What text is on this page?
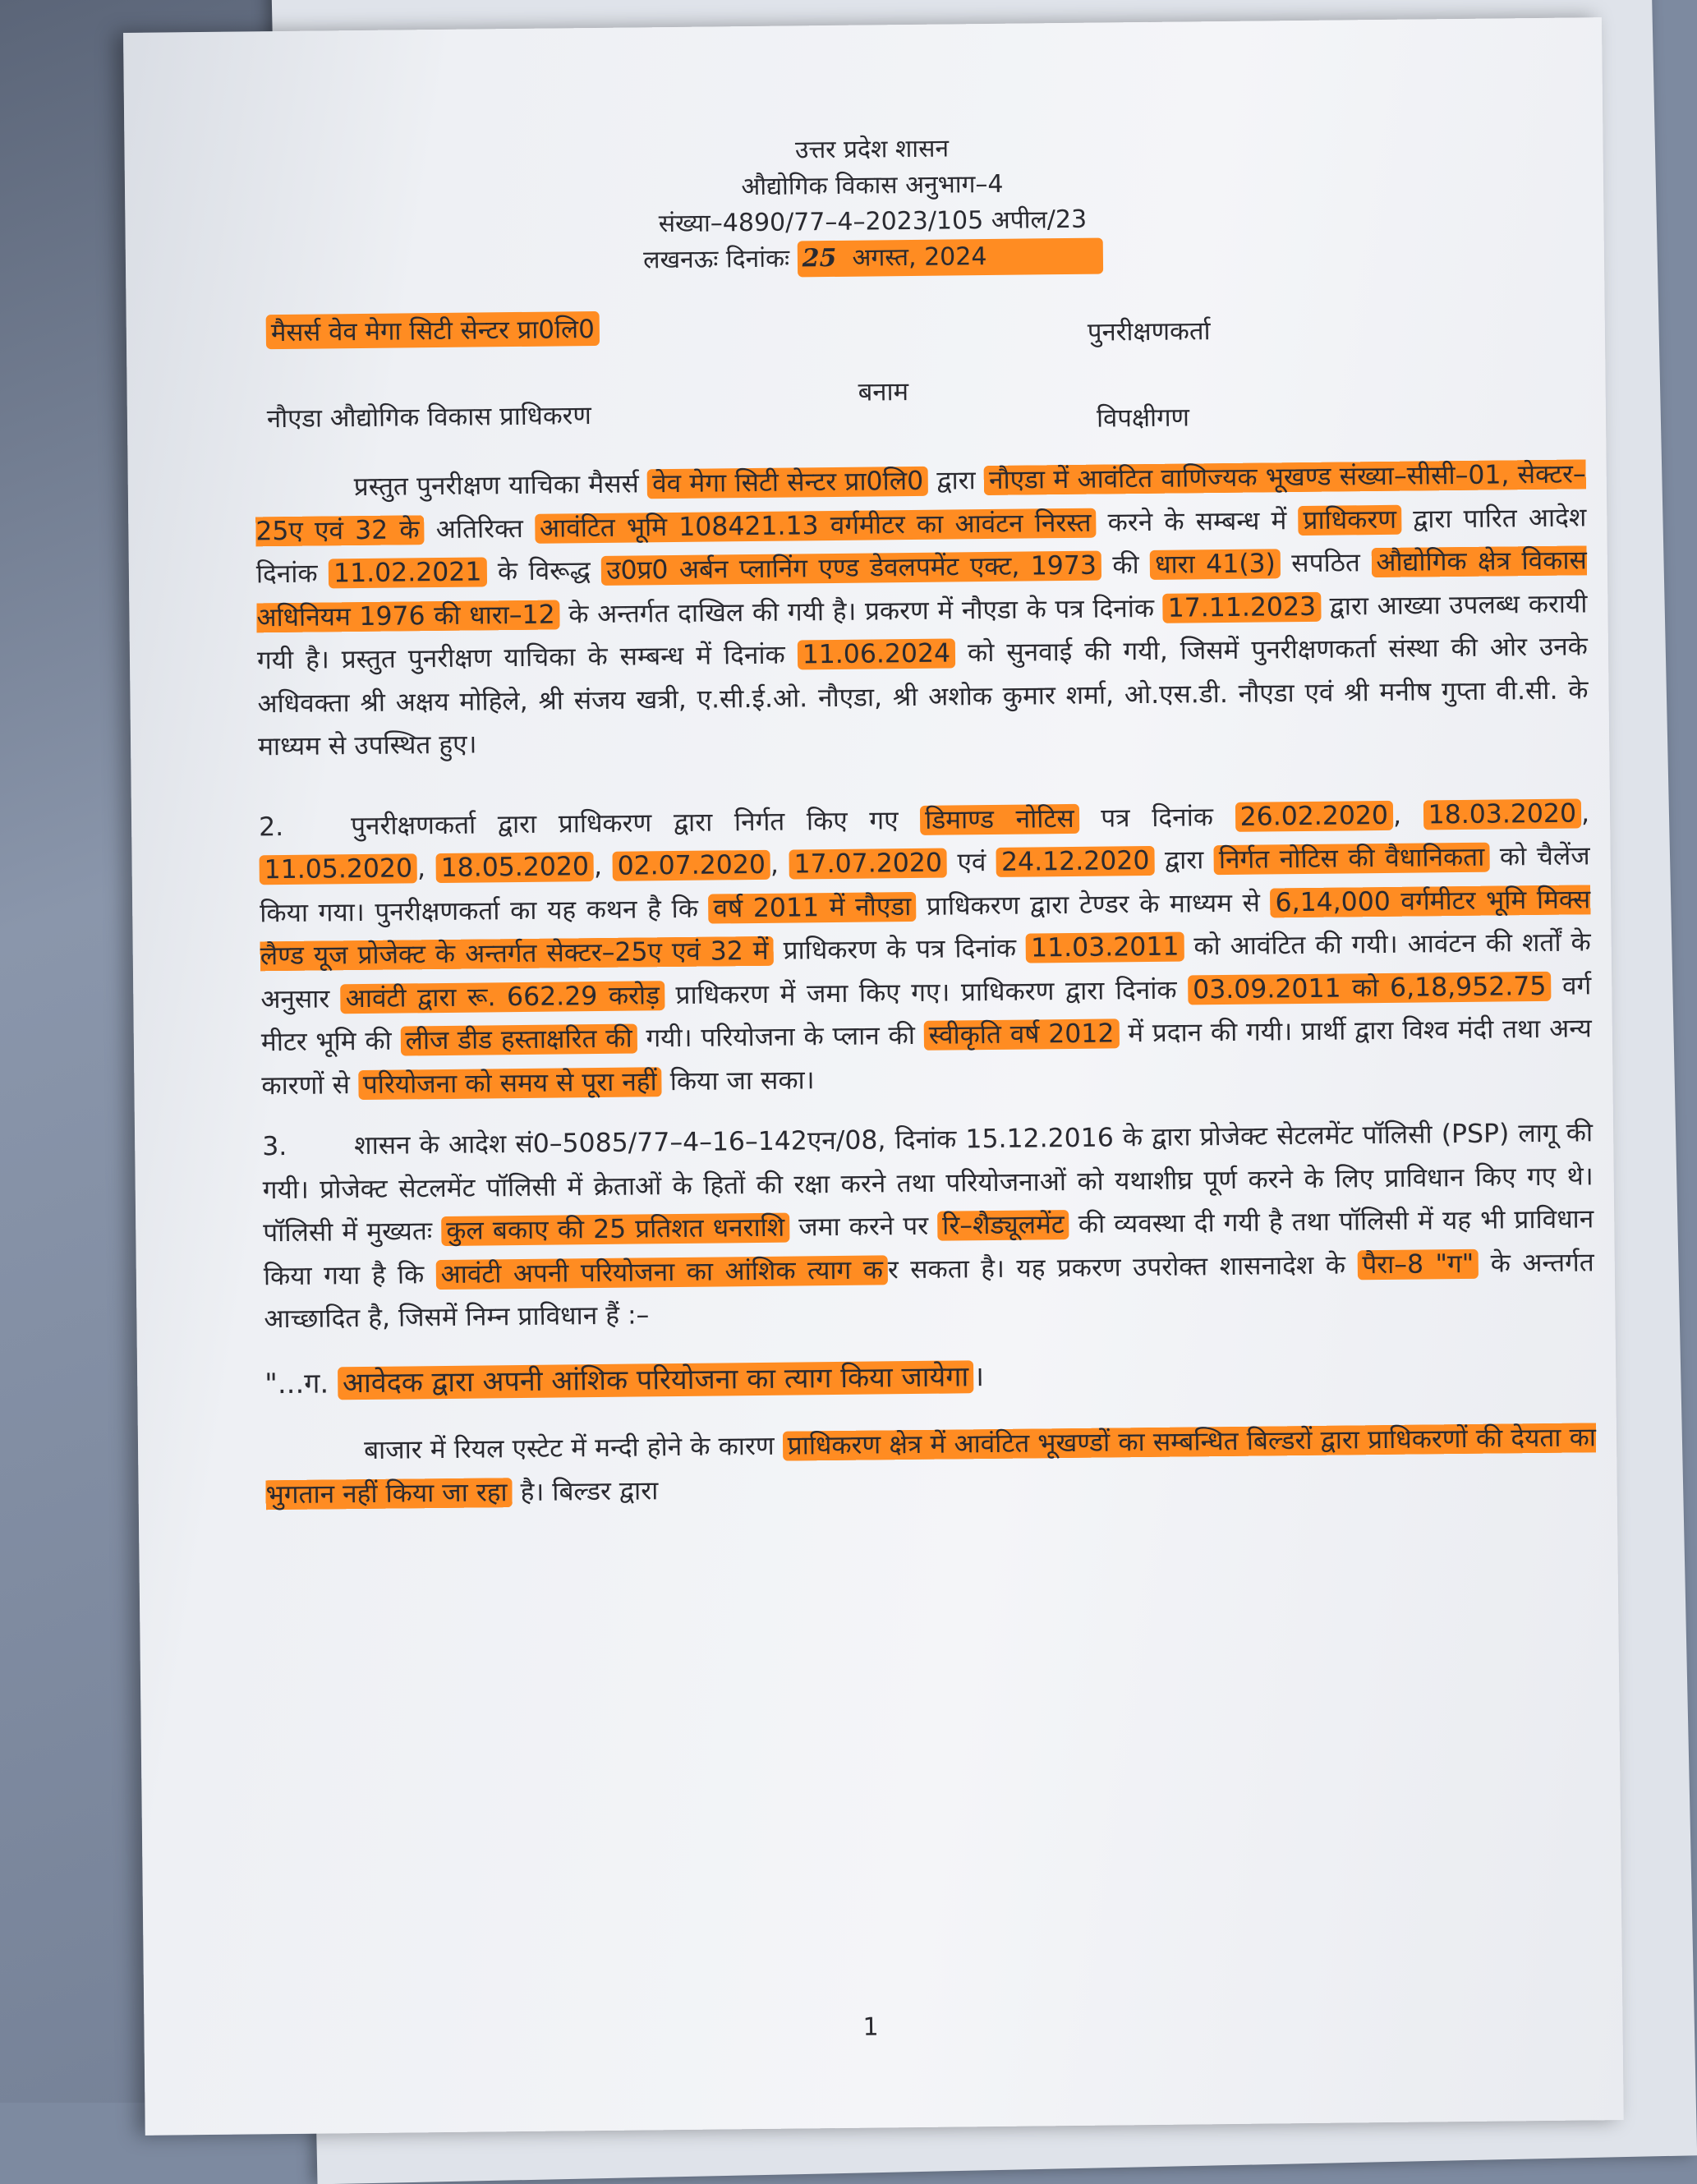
उत्तर प्रदेश शासन
औद्योगिक विकास अनुभाग–4
संख्या–4890/77–4–2023/105 अपील/23
लखनऊः दिनांकः 25 अगस्त, 2024
मैसर्स वेव मेगा सिटी सेन्टर प्रा0लि0	पुनरीक्षणकर्ता
बनाम
नौएडा औद्योगिक विकास प्राधिकरण	विपक्षीगण

प्रस्तुत पुनरीक्षण याचिका मैसर्स वेव मेगा सिटी सेन्टर प्रा0लि0 द्वारा नौएडा में आवंटित वाणिज्यक भूखण्ड संख्या–सीसी–01, सेक्टर–25ए एवं 32 के अतिरिक्त आवंटित भूमि 108421.13 वर्गमीटर का आवंटन निरस्त करने के सम्बन्ध में प्राधिकरण द्वारा पारित आदेश दिनांक 11.02.2021 के विरूद्ध उ0प्र0 अर्बन प्लानिंग एण्ड डेवलपमेंट एक्ट, 1973 की धारा 41(3) सपठित औद्योगिक क्षेत्र विकास अधिनियम 1976 की धारा–12 के अन्तर्गत दाखिल की गयी है। प्रकरण में नौएडा के पत्र दिनांक 17.11.2023 द्वारा आख्या उपलब्ध करायी गयी है। प्रस्तुत पुनरीक्षण याचिका के सम्बन्ध में दिनांक 11.06.2024 को सुनवाई की गयी, जिसमें पुनरीक्षणकर्ता संस्था की ओर उनके अधिवक्ता श्री अक्षय मोहिले, श्री संजय खत्री, ए.सी.ई.ओ. नौएडा, श्री अशोक कुमार शर्मा, ओ.एस.डी. नौएडा एवं श्री मनीष गुप्ता वी.सी. के माध्यम से उपस्थित हुए।

2.	पुनरीक्षणकर्ता द्वारा प्राधिकरण द्वारा निर्गत किए गए डिमाण्ड नोटिस पत्र दिनांक 26.02.2020 , 18.03.2020 , 11.05.2020 , 18.05.2020 , 02.07.2020 , 17.07.2020 एवं 24.12.2020 द्वारा निर्गत नोटिस की वैधानिकता को चैलेंज किया गया। पुनरीक्षणकर्ता का यह कथन है कि वर्ष 2011 में नौएडा प्राधिकरण द्वारा टेण्डर के माध्यम से 6,14,000 वर्गमीटर भूमि मिक्स लैण्ड यूज प्रोजेक्ट के अन्तर्गत सेक्टर–25ए एवं 32 में प्राधिकरण के पत्र दिनांक 11.03.2011 को आवंटित की गयी। आवंटन की शर्तों के अनुसार आवंटी द्वारा रू. 662.29 करोड़ प्राधिकरण में जमा किए गए। प्राधिकरण द्वारा दिनांक 03.09.2011 को 6,18,952.75 वर्ग मीटर भूमि की लीज डीड हस्ताक्षरित की गयी। परियोजना के प्लान की स्वीकृति वर्ष 2012 में प्रदान की गयी। प्रार्थी द्वारा विश्व मंदी तथा अन्य कारणों से परियोजना को समय से पूरा नहीं किया जा सका।

3.	शासन के आदेश सं0–5085/77–4–16–142एन/08, दिनांक 15.12.2016 के द्वारा प्रोजेक्ट सेटलमेंट पॉलिसी (PSP) लागू की गयी। प्रोजेक्ट सेटलमेंट पॉलिसी में क्रेताओं के हितों की रक्षा करने तथा परियोजनाओं को यथाशीघ्र पूर्ण करने के लिए प्राविधान किए गए थे। पॉलिसी में मुख्यतः कुल बकाए की 25 प्रतिशत धनराशि जमा करने पर रि–शैड्यूलमेंट की व्यवस्था दी गयी है तथा पॉलिसी में यह भी प्राविधान किया गया है कि आवंटी अपनी परियोजना का आंशिक त्याग क र सकता है। यह प्रकरण उपरोक्त शासनादेश के पैरा–8 "ग" के अन्तर्गत आच्छादित है, जिसमें निम्न प्राविधान हैं :–

"...ग. आवेदक द्वारा अपनी आंशिक परियोजना का त्याग किया जायेगा ।

बाजार में रियल एस्टेट में मन्दी होने के कारण प्राधिकरण क्षेत्र में आवंटित भूखण्डों का सम्बन्धित बिल्डरों द्वारा प्राधिकरणों की देयता का भुगतान नहीं किया जा रहा है। बिल्डर द्वारा

1
